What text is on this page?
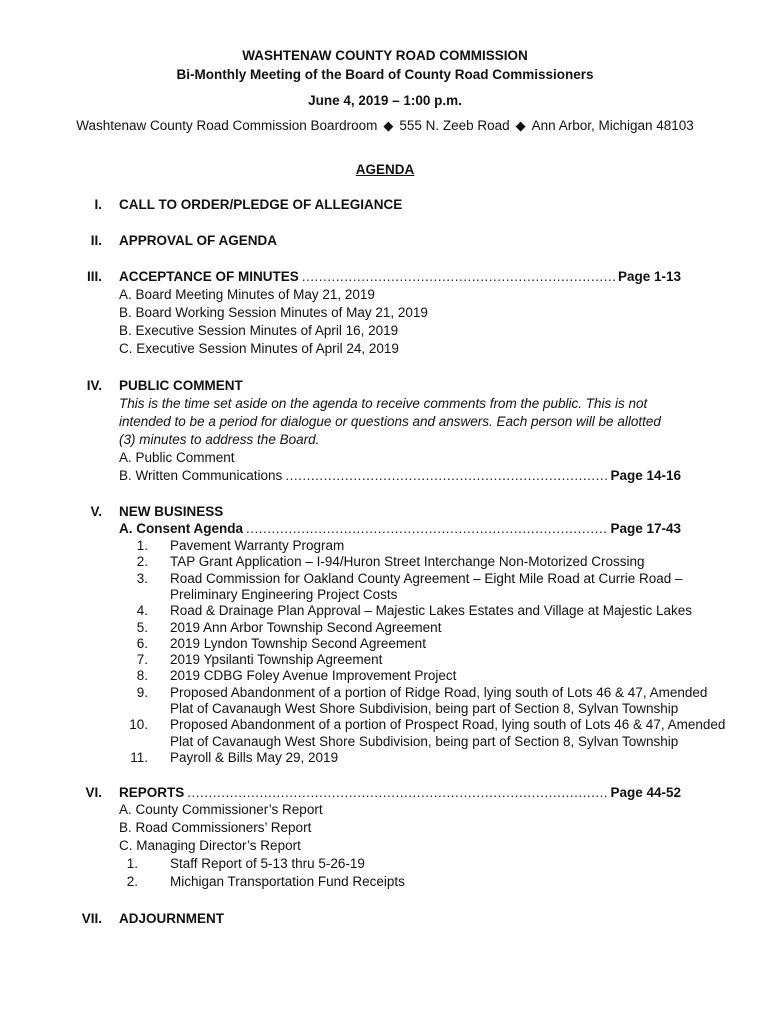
WASHTENAW COUNTY ROAD COMMISSION
Bi-Monthly Meeting of the Board of County Road Commissioners
June 4, 2019 – 1:00 p.m.
Washtenaw County Road Commission Boardroom ◆ 555 N. Zeeb Road ◆ Ann Arbor, Michigan 48103
AGENDA
I. CALL TO ORDER/PLEDGE OF ALLEGIANCE
II. APPROVAL OF AGENDA
III. ACCEPTANCE OF MINUTES .....	Page 1-13
A. Board Meeting Minutes of May 21, 2019
B. Board Working Session Minutes of May 21, 2019
B. Executive Session Minutes of April 16, 2019
C. Executive Session Minutes of April 24, 2019
IV. PUBLIC COMMENT
This is the time set aside on the agenda to receive comments from the public. This is not
intended to be a period for dialogue or questions and answers. Each person will be allotted
(3) minutes to address the Board.
A. Public Comment
B. Written Communications .....	Page 14-16
V. NEW BUSINESS
A. Consent Agenda .....	Page 17-43
1. Pavement Warranty Program
2. TAP Grant Application – I-94/Huron Street Interchange Non-Motorized Crossing
3. Road Commission for Oakland County Agreement – Eight Mile Road at Currie Road –
Preliminary Engineering Project Costs
4. Road & Drainage Plan Approval – Majestic Lakes Estates and Village at Majestic Lakes
5. 2019 Ann Arbor Township Second Agreement
6. 2019 Lyndon Township Second Agreement
7. 2019 Ypsilanti Township Agreement
8. 2019 CDBG Foley Avenue Improvement Project
9. Proposed Abandonment of a portion of Ridge Road, lying south of Lots 46 & 47, Amended
Plat of Cavanaugh West Shore Subdivision, being part of Section 8, Sylvan Township
10. Proposed Abandonment of a portion of Prospect Road, lying south of Lots 46 & 47, Amended
Plat of Cavanaugh West Shore Subdivision, being part of Section 8, Sylvan Township
11. Payroll & Bills May 29, 2019
VI. REPORTS .....	Page 44-52
A. County Commissioner’s Report
B. Road Commissioners’ Report
C. Managing Director’s Report
1. Staff Report of 5-13 thru 5-26-19
2. Michigan Transportation Fund Receipts
VII. ADJOURNMENT
